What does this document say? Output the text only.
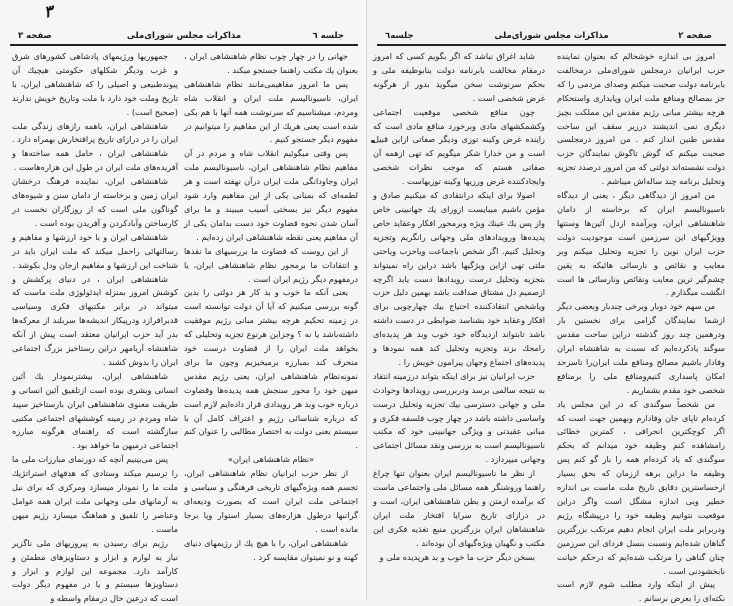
۳
جلسه ٦
مذاکرات مجلس شورای‌ملی
صفحه ۳

جهانی را در چهار چوب نظام شاهنشاهی ایران ، بعنوان یك مکتب راهنما جستجو میکند .

پس ما امروز مفاهیمی‌مانند نظام شاهنشاهی ایران، ناسیونالیسم ملت ایران و انقلاب شاه ومردم، میشناسیم که سرنوشت همه آنها با هم یکی شده است یعنی هریك از این مفاهیم را میتوانیم در مفهوم دیگر جستجو کنیم .

پس وقتی میگوئیم انقلاب شاه و مردم در آن مفاهیم نظام شاهنشاهی ایران، ناسیونالیسم ملت ایران وجاودانگی ملت ایران درآن نهفته است و هر لطمه‌ای که بمبانی یکی از این مفاهیم وارد شود مفهوم دیگر نیز بسختی آسیب میبیند و ما برای آسان شدن نحوه قضاوت خود دست بدامان یکی از آن مفاهیم یعنی نقطه شاهنشاهی ایران زده‌ایم .

از این روست که قضاوت ما بررسیهای ما نقدها و انتقادات ما برمحور نظام شاهنشاهی ایران، یا درمفهوم دیگر رژیم ایران است .

یعنی آنکه ما خوب و بد کار هر دولتی را بدین گونه بررسی میکنیم که آیا آن دولت توانسته است در زمینه تحکیم هرچه بیشتر مبانی رژیم موفقیت داشته‌باشد یا نه ؟ وجزاین هرنوع تجزیه وتحلیلی که بخواهد ملت ایران را از قضاوت درست خود منحرف کند بمبارزه برمیخیزیم وچون ما برای نمونه‌نظام شاهنشاهی ایران، یعنی رژیم مقدس میهن خود را محور سنجش همه پدیده‌ها وقضاوت درباره خوب وبد هر رویدادی قرار داده‌ایم لازم است که درباره شناسائی رژیم و اعتراف کامل آن با سیستم یعنی دولت به اختصار مطالبی را عنوان کنم .

«نظام شاهنشاهی ایران»

از نظر حزب ایرانیان نظام شاهنشاهی ایران، تجسم همه ویژه‌گیهای تاریخی فرهنگی و سیاسی و اجتماعی ملت ایران است که بصورت ودیعه‌ای گرانبها درطول هزاره‌های بسیار استوار وپا برجا مانده است .

شاهنشاهی ایران، را با هیچ یك از رژیمهای دنیای کهنه و نو نمیتوان مقایسه کرد .

جمهوریها ورژیمهای پادشاهی کشورهای شرق و غرب ودیگر شکلهای حکومتی هیچیك آن پیوندطبیعی و اصیلی را که شاهنشاهی ایران، با تاریخ وملت خود دارد با ملت وتاریخ خویش ندارند (صحیح است) .

شاهنشاهی ایران، باهمه رازهای زندگی ملت ایران را در درازای تاریخ پرافتخارش بهمراه دارد .

شاهنشاهی ایران ، حامل همه ساخته‌ها و آفریده‌های ملت ایران در طول این هزاره‌هاست .

شاهنشاهی ایران، نماینده فرهنگ درخشان ایران زمین و برخاسته از دامان سنن و شیوه‌های گوناگون ملی است که از روزگاران نخست در کارساختن وآبادکردن و آفریدن بوده است .

شاهنشاهی ایران و با خود ارزشها و مفاهیم و رسالتهائی راحمل میکند که ملت ایران باید در شناخت این ارزشها و مفاهیم ازجان ودل بکوشد .

شاهنشاهی ایران ، در دنیای پرکشش و کوشش امروز بمنزله ایدئولوژی ملت ماست که میتواند در برابر مکتبهای فکری وسیاسی قدبرافرازد ودرپیکار اندیشه‌ها سربلند از معرکه‌ها بدر آید حزب ایرانیان معتقد است پیش از آنکه شاهنشاه آریامهر دراین رستاخیز بزرگ اجتماعی ایران را بدوش کشند .

شاهنشاهی ایران، بیشترنمودار یك آئین انسانی وبشری بوده است ازتلفیق آئین انسانی و طریقت معنوی شاهنشاهی ایران بارستاخیز سپید شاه ومردم در زمینه کوششهای اجتماعی مکتبی سازگشته است که راهنمای هرگونه مبارزه اجتماعی درمیهن ما خواهد بود .

پس می‌بینیم آنچه که دورنمای مبارزات ملی ما را ترسیم میکند وستادی که هدفهای استراتژیك ملت ما را نمودار میسازد ومرکزی که برای نیل به آرمانهای ملی وجهانی ملت ایران همه عوامل وعناصر را تلفیق و هماهنگ میسازد رژیم میهن ماست .

رژیم برای رسیدن به پیروزیهای ملی ناگزیر نیاز به لوازم و ابزار و دستاویزهای مطمئن و کارآمد دارد. مجموعه این لوازم و ابزار و دستاویزها سیستم و یا در مفهوم دیگر دولت است که درعین حال درمقام واسطه و

صفحه ۲
مذاکرات مجلس شورای‌ملی
جلسه٦

امروز بی اندازه خوشحالم که بعنوان نماینده حزب ایرانیان درمجلس شورای‌ملی درمخالفت بابرنامه دولت صحبت میکنم وصدای مردمی را که جز بمصالح ومنافع ملت ایران وپایداری واستحکام هرچه بیشتر مبانی رژیم مقدس این مملکت بچیز دیگری نمی اندیشند درزیر سقف این ساحت مقدس طنین انداز کنم . من امروز درمجلسی صحبت میکنم که گوش تاگوش نمایندگان حزب دولت نشسته‌اند دولتی که من امروز درصدد تجزیه وتحلیل برنامه چند ساله‌اش میباشم .

من امروز از دیدگاهی دیگر ، یعنی از دیدگاه ناسیونالیسم ایران که برخاسته از دامان شاهنشاهی ایران، وبرآمده ازدل آئین‌ها وسنتها وویژگیهای این سرزمین است موجودیت دولت حزب ایران نوین را تجزیه وتحلیل میکنم وبر معایب و نقائص و نارسائی هائیکه به یقین چشم‌گیر ترین معایب ونقائص ونارسائی ها است انگشت میگذارم .

من سهم خود دوبار وبرخی چندبار وبعضی دیگر ازشما نمایندگان گرامی برای نخستین بار ودرهمین چند روز گذشته دراین ساحت مقدس سوگند یادکرده‌ایم که نسبت به شاهنشاه ایران وفادار باشیم مصالح ومنافع ملت ایران‌را تاسرحد امکان پاسداری کنیم‌ومنافع ملی را برمنافع شخصی خود مقدم بشماریم .

من شخصاً سوگندی که در این مجلس یاد کرده‌ام تاپای جان وفادارم وبهمین جهت است که اگر کوچکترین انحرافی ، کمترین خطائی رامشاهده کنم وظیفه خود میدانم که بحکم سوگندی که یاد کرده‌ام همه را باز گو کنم پس وظیفه ما دراین برهه اززمان که بحق بسیار ازحساسترین دقایق تاریخ ملت ماست بی اندازه خطیر وبی اندازه مشگل است واگر دراین موقعیت نتوانیم وظیفه خود را درپیشگاه رژیم ودربرابر ملت ایران انجام دهیم مرتکب بزرگترین گناهان شده‌ایم ونسبت بنسل فردای این سرزمین چنان گناهی را مرتکب شده‌ایم که درحکم خیانت نابخشودنی است .

پیش از اینکه وارد مطلب شوم لازم است نکته‌ای را بعرض برسانم .

شاید اغراق نباشد که اگر بگویم کسی که امروز درمقام مخالفت بابرنامه دولت بنابوظیفه ملی و بحکم سرنوشت سخن میگوید بدور از هرگونه غرض شخصی است .

چون منافع شخصی موقعیت اجتماعی وکشمکشهای مادی وبرخورد منافع مادی است که زاینده غرض وکینه توزی ودیگر صفاتی ازاین قبیل است و من خدارا شکر میگویم که تهی ازهمه آن صفاتی هستم که موجب نظرات شخصی وایجادکننده غرض ورزیها وکینه توزیهاست .

اصولا برای اینکه درانتقادی که میکنیم صادق و مؤمن باشیم میبایست ازورای یك جهانبینی خاص واز پس یك عینك ویژه وبرمحور افکار وعقاید خاص پدیده‌ها ورویدادهای ملی وجهانی رانگریم وتجزیه وتحلیل کنیم. اگر شخص باجماعت ویاحزب ویاحتی ملتی تهی ازاین ویژگیها باشد دراین راه نمیتواند بتجزیه وتحلیل درست رویدادها دست یابد اگرچه ازصمیم دل مشتاق صداقت باشد بهمین دلیل حزب ویاشخص انتقادکننده احتیاج بیك چهارچوبی برای افکار وعقاید خود بشناسد ضوابطی در دست داشته باشد تابتواند ازدیدگاه خود خوب وبد هر پدیده‌ای رامحك بزند وتجزیه وتحلیل کند همه نمودها و پدیده‌های اجتماع وجهان پیرامون خویش را .

حزب ایرانیان نیز برای اینکه بتواند درزمینه انتقاد به نتیجه سالمی برسد ودربررسی رویدادها وحوادث ملی و جهانی دسترسی بیك تجزیه وتحلیل درست واساسی داشته باشد در چهار چوب فلسفه فکری و مبانی عقیدتی و ویژگی جهانبینی خود که مکتب ناسیونالیسم است به بررسی ونقد مسائل اجتماعی وجهانی میپردازد .

از نظر ما ناسیونالیسم ایران بعنوان تنها چراغ راهنما وروشنگر همه مسائل ملی واجتماعی ماست که برآمده ازمتن و بطن شاهنشاهی ایران، است و در درازای تاریخ سرایا افتخار ملت ایران شاهنشاهان ایران بزرگترین منبع تغذیه فکری این مکتب و نگهبان ویژه‌گیهای آن بوده‌اند .

بسخن دیگر حزب ما خوب و بد هرپدیده ملی و
